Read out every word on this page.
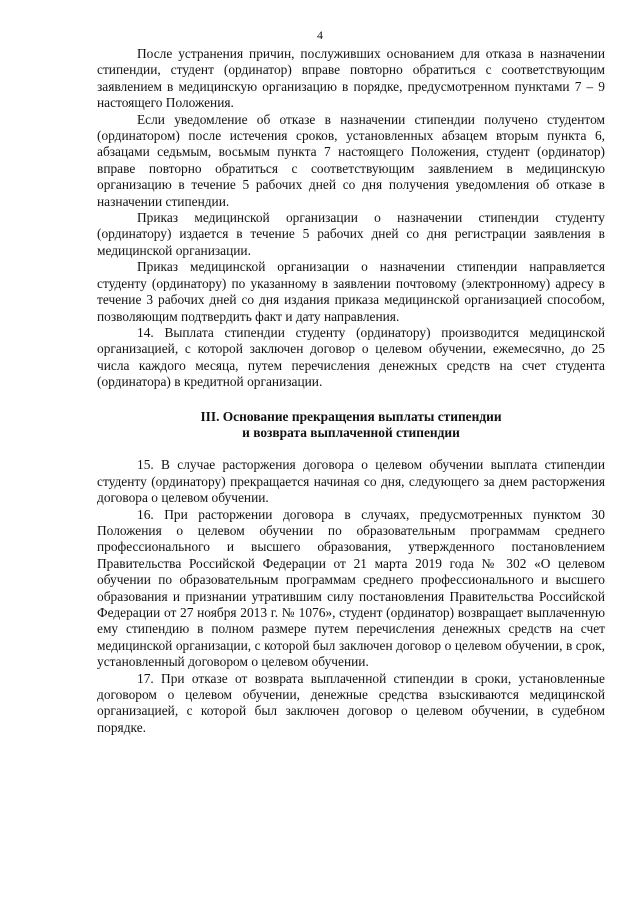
4

После устранения причин, послуживших основанием для отказа в назначении стипендии, студент (ординатор) вправе повторно обратиться с соответствующим заявлением в медицинскую организацию в порядке, предусмотренном пунктами 7 – 9 настоящего Положения.

Если уведомление об отказе в назначении стипендии получено студентом (ординатором) после истечения сроков, установленных абзацем вторым пункта 6, абзацами седьмым, восьмым пункта 7 настоящего Положения, студент (ординатор) вправе повторно обратиться с соответствующим заявлением в медицинскую организацию в течение 5 рабочих дней со дня получения уведомления об отказе в назначении стипендии.

Приказ медицинской организации о назначении стипендии студенту (ординатору) издается в течение 5 рабочих дней со дня регистрации заявления в медицинской организации.

Приказ медицинской организации о назначении стипендии направляется студенту (ординатору) по указанному в заявлении почтовому (электронному) адресу в течение 3 рабочих дней со дня издания приказа медицинской организацией способом, позволяющим подтвердить факт и дату направления.

14. Выплата стипендии студенту (ординатору) производится медицинской организацией, с которой заключен договор о целевом обучении, ежемесячно, до 25 числа каждого месяца, путем перечисления денежных средств на счет студента (ординатора) в кредитной организации.

III. Основание прекращения выплаты стипендии
и возврата выплаченной стипендии

15. В случае расторжения договора о целевом обучении выплата стипендии студенту (ординатору) прекращается начиная со дня, следующего за днем расторжения договора о целевом обучении.

16. При расторжении договора в случаях, предусмотренных пунктом 30 Положения о целевом обучении по образовательным программам среднего профессионального и высшего образования, утвержденного постановлением Правительства Российской Федерации от 21 марта 2019 года № 302 «О целевом обучении по образовательным программам среднего профессионального и высшего образования и признании утратившим силу постановления Правительства Российской Федерации от 27 ноября 2013 г. № 1076», студент (ординатор) возвращает выплаченную ему стипендию в полном размере путем перечисления денежных средств на счет медицинской организации, с которой был заключен договор о целевом обучении, в срок, установленный договором о целевом обучении.

17. При отказе от возврата выплаченной стипендии в сроки, установленные договором о целевом обучении, денежные средства взыскиваются медицинской организацией, с которой был заключен договор о целевом обучении, в судебном порядке.
